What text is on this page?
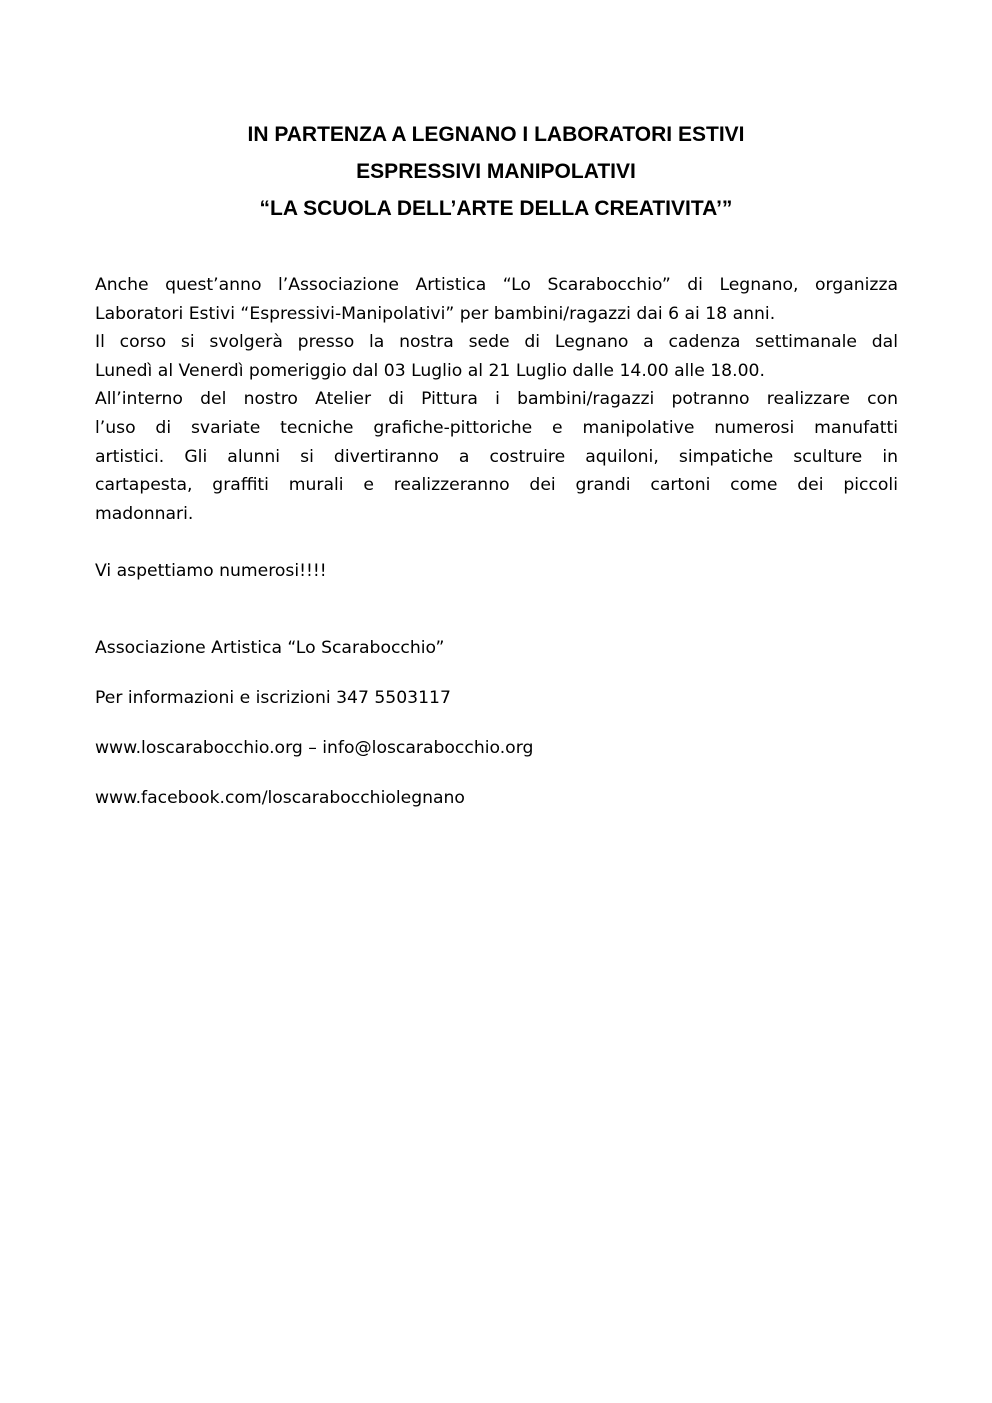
IN PARTENZA A LEGNANO I LABORATORI ESTIVI
ESPRESSIVI MANIPOLATIVI
“LA SCUOLA DELL’ARTE DELLA CREATIVITA’”
Anche quest’anno l’Associazione Artistica “Lo Scarabocchio” di Legnano, organizza
Laboratori Estivi “Espressivi-Manipolativi” per bambini/ragazzi dai 6 ai 18 anni.
Il corso si svolgerà presso la nostra sede di Legnano a cadenza settimanale dal
Lunedì al Venerdì pomeriggio dal 03 Luglio al 21 Luglio dalle 14.00 alle 18.00.
All’interno del nostro Atelier di Pittura i bambini/ragazzi potranno realizzare con
l’uso di svariate tecniche grafiche-pittoriche e manipolative numerosi manufatti
artistici. Gli alunni si divertiranno a costruire aquiloni, simpatiche sculture in
cartapesta, graffiti murali e realizzeranno dei grandi cartoni come dei piccoli
madonnari.
Vi aspettiamo numerosi!!!!
Associazione Artistica “Lo Scarabocchio”
Per informazioni e iscrizioni 347 5503117
www.loscarabocchio.org – info@loscarabocchio.org
www.facebook.com/loscarabocchiolegnano
